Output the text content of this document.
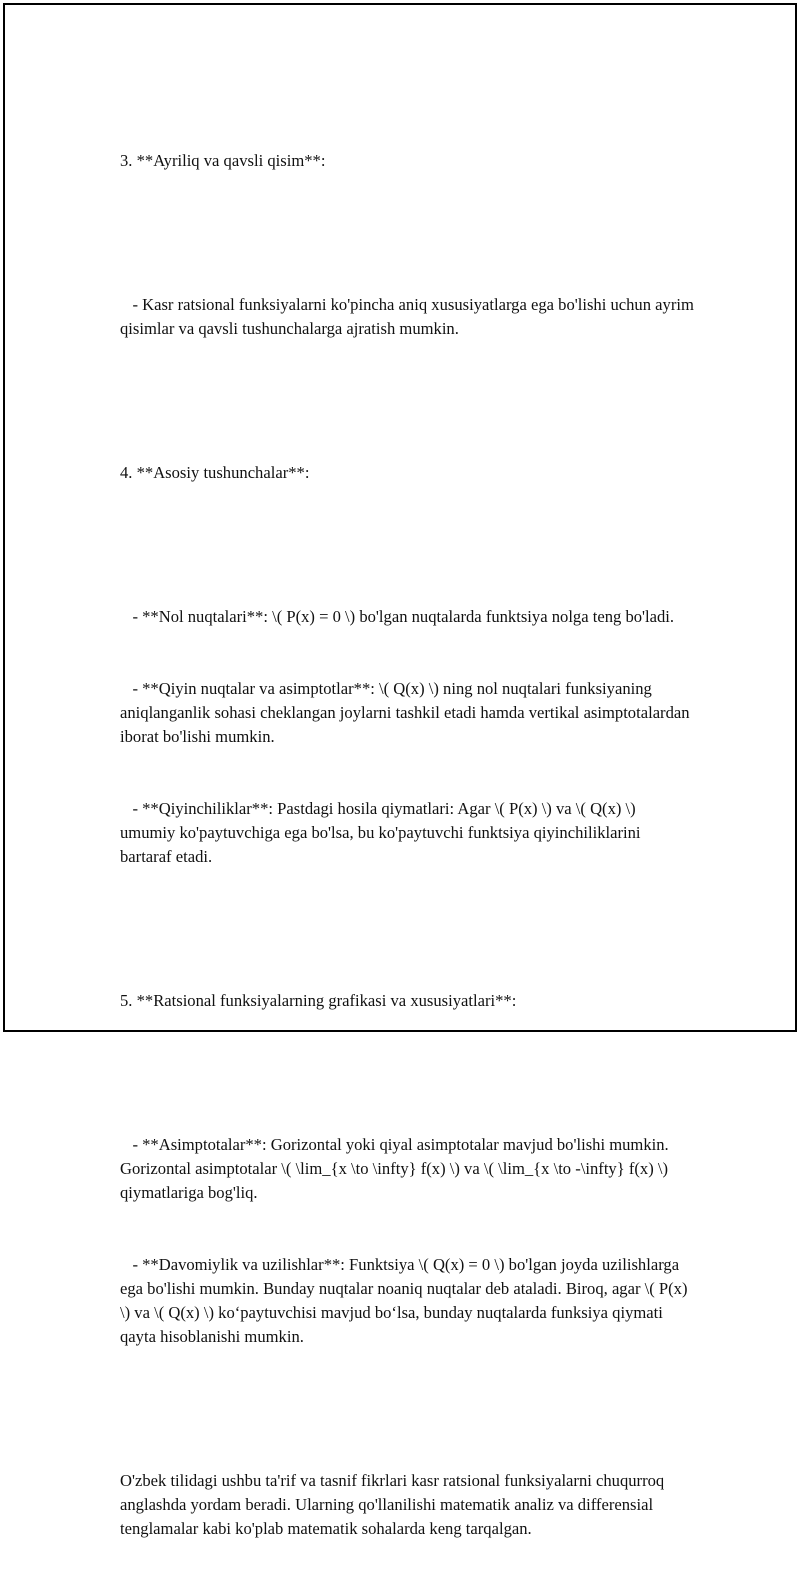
3. **Ayriliq va qavsli qisim**:

- Kasr ratsional funksiyalarni ko'pincha aniq xususiyatlarga ega bo'lishi uchun ayrim qisimlar va qavsli tushunchalarga ajratish mumkin.

4. **Asosiy tushunchalar**:

- **Nol nuqtalari**: \( P(x) = 0 \) bo'lgan nuqtalarda funktsiya nolga teng bo'ladi.

- **Qiyin nuqtalar va asimptotlar**: \( Q(x) \) ning nol nuqtalari funksiyaning aniqlanganlik sohasi cheklangan joylarni tashkil etadi hamda vertikal asimptotalardan iborat bo'lishi mumkin.

- **Qiyinchiliklar**: Pastdagi hosila qiymatlari: Agar \( P(x) \) va \( Q(x) \) umumiy ko'paytuvchiga ega bo'lsa, bu ko'paytuvchi funktsiya qiyinchiliklarini bartaraf etadi.

5. **Ratsional funksiyalarning grafikasi va xususiyatlari**:

- **Asimptotalar**: Gorizontal yoki qiyal asimptotalar mavjud bo'lishi mumkin. Gorizontal asimptotalar \( \lim_{x \to \infty} f(x) \) va \( \lim_{x \to -\infty} f(x) \) qiymatlariga bog'liq.

- **Davomiylik va uzilishlar**: Funktsiya \( Q(x) = 0 \) bo'lgan joyda uzilishlarga ega bo'lishi mumkin. Bunday nuqtalar noaniq nuqtalar deb ataladi. Biroq, agar \( P(x) \) va \( Q(x) \) ko‘paytuvchisi mavjud bo‘lsa, bunday nuqtalarda funksiya qiymati qayta hisoblanishi mumkin.

O'zbek tilidagi ushbu ta'rif va tasnif fikrlari kasr ratsional funksiyalarni chuqurroq anglashda yordam beradi. Ularning qo'llanilishi matematik analiz va differensial tenglamalar kabi ko'plab matematik sohalarda keng tarqalgan.
